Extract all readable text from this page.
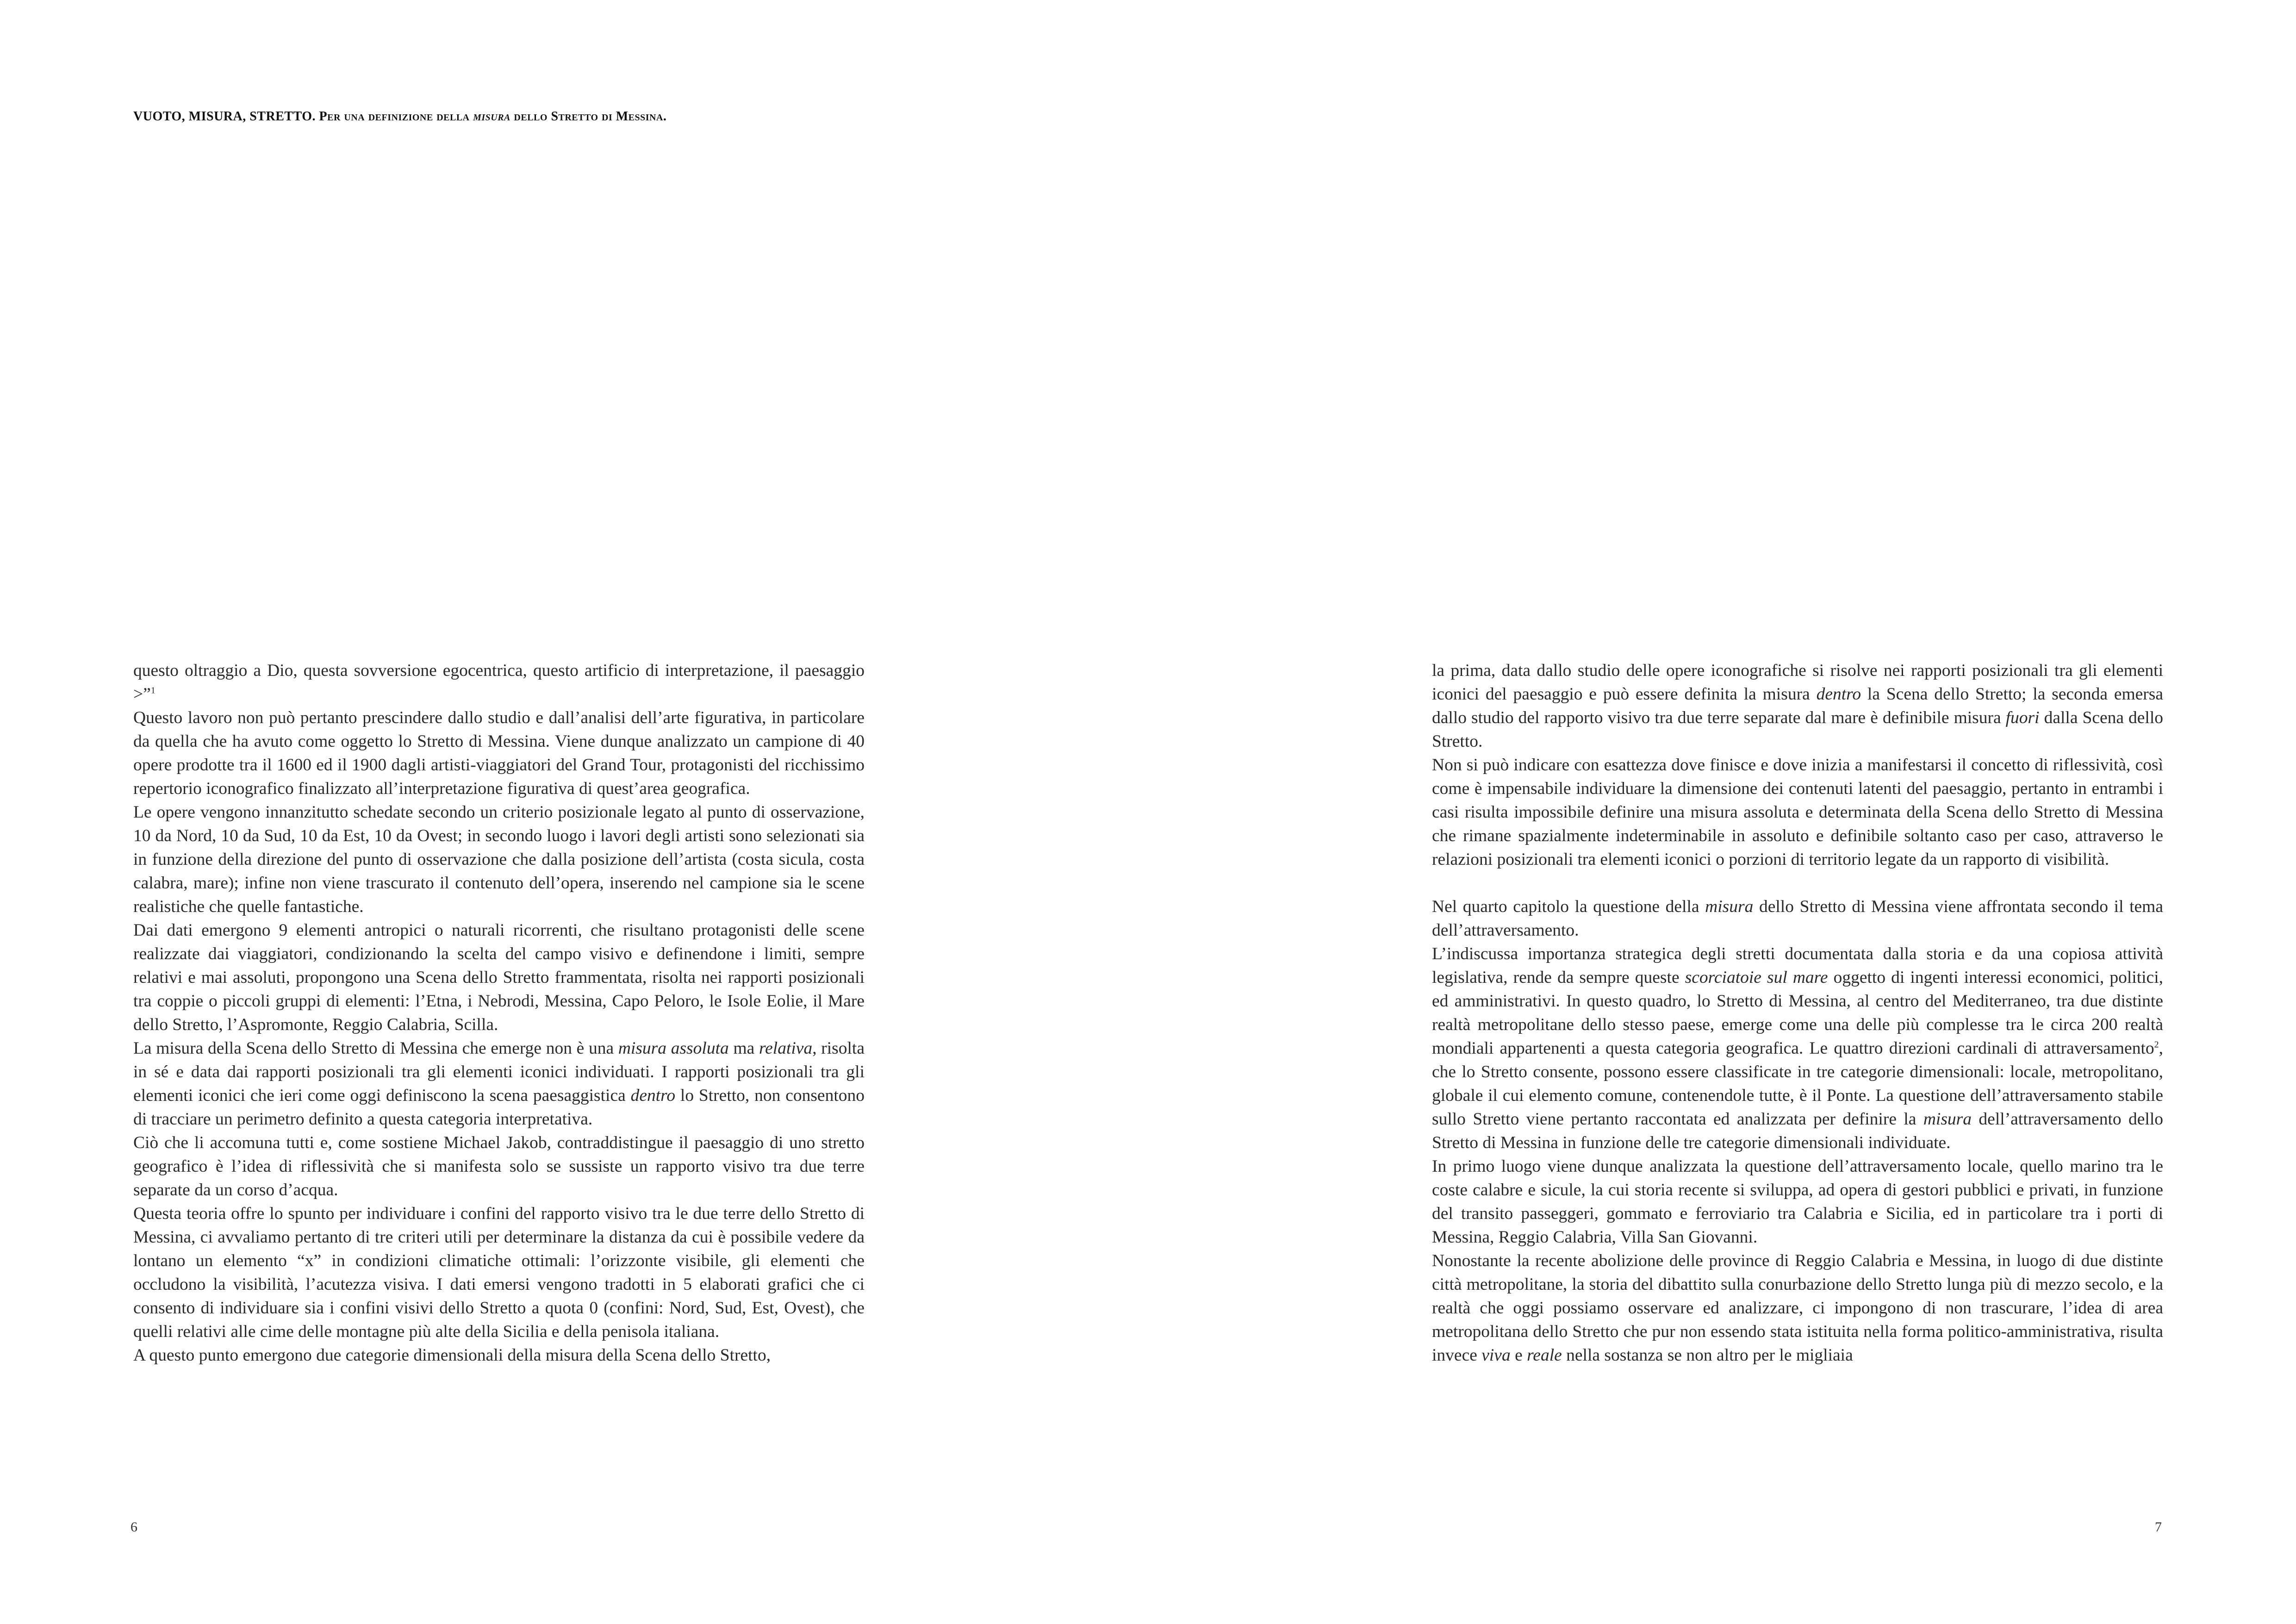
VUOTO, MISURA, STRETTO. Per una definizione della misura dello Stretto di Messina.

questo oltraggio a Dio, questa sovversione egocentrica, questo artificio di interpretazione, il paesaggio >”$^1$

Questo lavoro non può pertanto prescindere dallo studio e dall’analisi dell’arte figurativa, in particolare da quella che ha avuto come oggetto lo Stretto di Messina. Viene dunque analizzato un campione di 40 opere prodotte tra il 1600 ed il 1900 dagli artisti-viaggiatori del Grand Tour, protagonisti del ricchissimo repertorio iconografico finalizzato all’interpretazione figurativa di quest’area geografica.

Le opere vengono innanzitutto schedate secondo un criterio posizionale legato al punto di osservazione, 10 da Nord, 10 da Sud, 10 da Est, 10 da Ovest; in secondo luogo i lavori degli artisti sono selezionati sia in funzione della direzione del punto di osservazione che dalla posizione dell’artista (costa sicula, costa calabra, mare); infine non viene trascurato il contenuto dell’opera, inserendo nel campione sia le scene realistiche che quelle fantastiche.

Dai dati emergono 9 elementi antropici o naturali ricorrenti, che risultano protagonisti delle scene realizzate dai viaggiatori, condizionando la scelta del campo visivo e definendone i limiti, sempre relativi e mai assoluti, propongono una Scena dello Stretto frammentata, risolta nei rapporti posizionali tra coppie o piccoli gruppi di elementi: l’Etna, i Nebrodi, Messina, Capo Peloro, le Isole Eolie, il Mare dello Stretto, l’Aspromonte, Reggio Calabria, Scilla.

La misura della Scena dello Stretto di Messina che emerge non è una misura assoluta ma relativa, risolta in sé e data dai rapporti posizionali tra gli elementi iconici individuati. I rapporti posizionali tra gli elementi iconici che ieri come oggi definiscono la scena paesaggistica dentro lo Stretto, non consentono di tracciare un perimetro definito a questa categoria interpretativa.

Ciò che li accomuna tutti e, come sostiene Michael Jakob, contraddistingue il paesaggio di uno stretto geografico è l’idea di riflessività che si manifesta solo se sussiste un rapporto visivo tra due terre separate da un corso d’acqua.

Questa teoria offre lo spunto per individuare i confini del rapporto visivo tra le due terre dello Stretto di Messina, ci avvaliamo pertanto di tre criteri utili per determinare la distanza da cui è possibile vedere da lontano un elemento “x” in condizioni climatiche ottimali: l’orizzonte visibile, gli elementi che occludono la visibilità, l’acutezza visiva. I dati emersi vengono tradotti in 5 elaborati grafici che ci consento di individuare sia i confini visivi dello Stretto a quota 0 (confini: Nord, Sud, Est, Ovest), che quelli relativi alle cime delle montagne più alte della Sicilia e della penisola italiana.

A questo punto emergono due categorie dimensionali della misura della Scena dello Stretto,

la prima, data dallo studio delle opere iconografiche si risolve nei rapporti posizionali tra gli elementi iconici del paesaggio e può essere definita la misura dentro la Scena dello Stretto; la seconda emersa dallo studio del rapporto visivo tra due terre separate dal mare è definibile misura fuori dalla Scena dello Stretto.

Non si può indicare con esattezza dove finisce e dove inizia a manifestarsi il concetto di riflessività, così come è impensabile individuare la dimensione dei contenuti latenti del paesaggio, pertanto in entrambi i casi risulta impossibile definire una misura assoluta e determinata della Scena dello Stretto di Messina che rimane spazialmente indeterminabile in assoluto e definibile soltanto caso per caso, attraverso le relazioni posizionali tra elementi iconici o porzioni di territorio legate da un rapporto di visibilità.

Nel quarto capitolo la questione della misura dello Stretto di Messina viene affrontata secondo il tema dell’attraversamento.

L’indiscussa importanza strategica degli stretti documentata dalla storia e da una copiosa attività legislativa, rende da sempre queste scorciatoie sul mare oggetto di ingenti interessi economici, politici, ed amministrativi. In questo quadro, lo Stretto di Messina, al centro del Mediterraneo, tra due distinte realtà metropolitane dello stesso paese, emerge come una delle più complesse tra le circa 200 realtà mondiali appartenenti a questa categoria geografica. Le quattro direzioni cardinali di attraversamento$^2$, che lo Stretto consente, possono essere classificate in tre categorie dimensionali: locale, metropolitano, globale il cui elemento comune, contenendole tutte, è il Ponte. La questione dell’attraversamento stabile sullo Stretto viene pertanto raccontata ed analizzata per definire la misura dell’attraversamento dello Stretto di Messina in funzione delle tre categorie dimensionali individuate.

In primo luogo viene dunque analizzata la questione dell’attraversamento locale, quello marino tra le coste calabre e sicule, la cui storia recente si sviluppa, ad opera di gestori pubblici e privati, in funzione del transito passeggeri, gommato e ferroviario tra Calabria e Sicilia, ed in particolare tra i porti di Messina, Reggio Calabria, Villa San Giovanni.

Nonostante la recente abolizione delle province di Reggio Calabria e Messina, in luogo di due distinte città metropolitane, la storia del dibattito sulla conurbazione dello Stretto lunga più di mezzo secolo, e la realtà che oggi possiamo osservare ed analizzare, ci impongono di non trascurare, l’idea di area metropolitana dello Stretto che pur non essendo stata istituita nella forma politico-amministrativa, risulta invece viva e reale nella sostanza se non altro per le migliaia

6	7
